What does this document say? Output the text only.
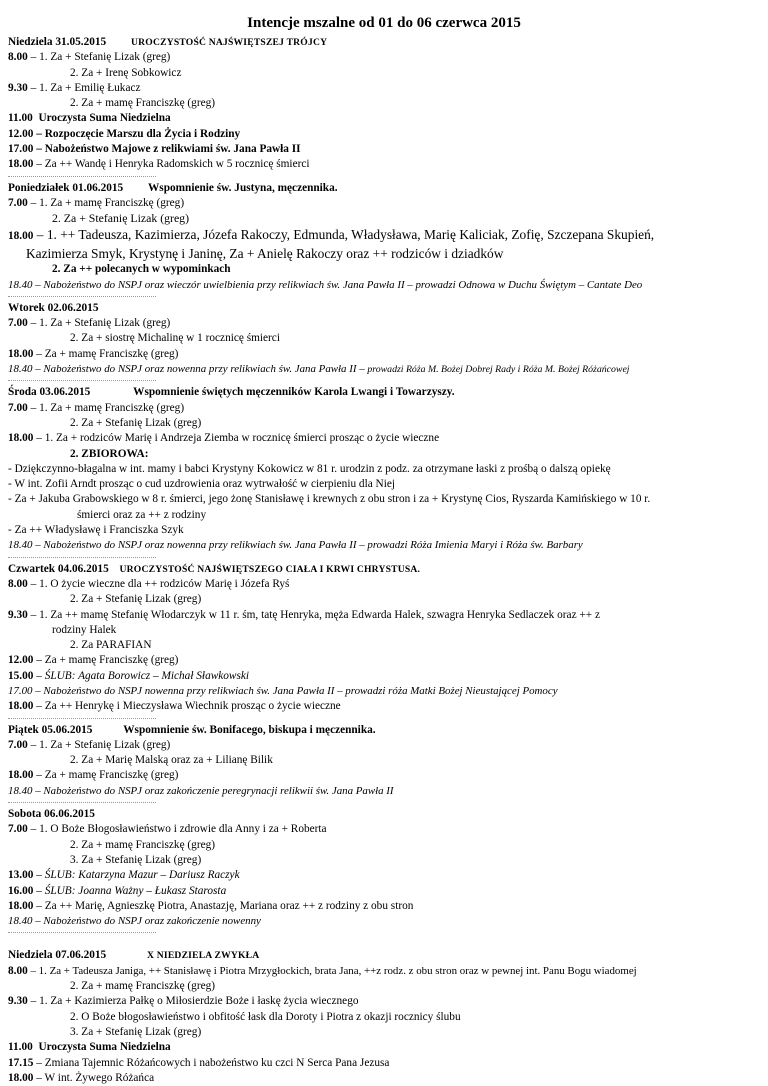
Intencje mszalne od 01 do 06 czerwca 2015
Niedziela 31.05.2015	UROCZYSTOŚĆ NAJŚWIĘTSZEJ TRÓJCY
8.00 – 1. Za + Stefanię Lizak (greg)
2. Za + Irenę Sobkowicz
9.30 – 1. Za + Emilię Łukacz
2. Za + mamę Franciszkę (greg)
11.00 Uroczysta Suma Niedzielna
12.00 – Rozpoczęcie Marszu dla Życia i Rodziny
17.00 – Nabożeństwo Majowe z relikwiami św. Jana Pawła II
18.00 – Za ++ Wandę i Henryka Radomskich w 5 rocznicę śmierci
Poniedziałek 01.06.2015 Wspomnienie św. Justyna, męczennika.
7.00 – 1. Za + mamę Franciszkę (greg)
2. Za + Stefanię Lizak (greg)
18.00 – 1. ++ Tadeusza, Kazimierza, Józefa Rakoczy, Edmunda, Władysława, Marię Kaliciak, Zofię, Szczepana Skupień,
Kazimierza Smyk, Krystynę i Janinę, Za + Anielę Rakoczy oraz ++ rodziców i dziadków
2. Za ++ polecanych w wypominkach
18.40 – Nabożeństwo do NSPJ oraz wieczór uwielbienia przy relikwiach św. Jana Pawła II – prowadzi Odnowa w Duchu Świętym – Cantate Deo
Wtorek 02.06.2015
7.00 – 1. Za + Stefanię Lizak (greg)
2. Za + siostrę Michalinę w 1 rocznicę śmierci
18.00 – Za + mamę Franciszkę (greg)
18.40 – Nabożeństwo do NSPJ oraz nowenna przy relikwiach św. Jana Pawła II – prowadzi Róża M. Bożej Dobrej Rady i Róża M. Bożej Różańcowej
Środa 03.06.2015	Wspomnienie świętych męczenników Karola Lwangi i Towarzyszy.
7.00 – 1. Za + mamę Franciszkę (greg)
2. Za + Stefanię Lizak (greg)
18.00 – 1. Za + rodziców Marię i Andrzeja Ziemba w rocznicę śmierci prosząc o życie wieczne
2. ZBIOROWA:
- Dziękczynno-błagalna w int. mamy i babci Krystyny Kokowicz w 81 r. urodzin z podz. za otrzymane łaski z prośbą o dalszą opiekę
- W int. Zofii Arndt prosząc o cud uzdrowienia oraz wytrwałość w cierpieniu dla Niej
- Za + Jakuba Grabowskiego w 8 r. śmierci, jego żonę Stanisławę i krewnych z obu stron i za + Krystynę Cios, Ryszarda Kamińskiego w 10 r.
śmierci oraz za ++ z rodziny
- Za ++ Władysławę i Franciszka Szyk
18.40 – Nabożeństwo do NSPJ oraz nowenna przy relikwiach św. Jana Pawła II – prowadzi Róża Imienia Maryi i Róża św. Barbary
Czwartek 04.06.2015 UROCZYSTOŚĆ NAJŚWIĘTSZEGO CIAŁA I KRWI CHRYSTUSA.
8.00 – 1. O życie wieczne dla ++ rodziców Marię i Józefa Ryś
2. Za + Stefanię Lizak (greg)
9.30 – 1. Za ++ mamę Stefanię Włodarczyk w 11 r. śm, tatę Henryka, męża Edwarda Halek, szwagra Henryka Sedlaczek oraz ++ z
rodziny Halek
2. Za PARAFIAN
12.00 – Za + mamę Franciszkę (greg)
15.00 – ŚLUB: Agata Borowicz – Michał Sławkowski
17.00 – Nabożeństwo do NSPJ nowenna przy relikwiach św. Jana Pawła II – prowadzi róża Matki Bożej Nieustającej Pomocy
18.00 – Za ++ Henrykę i Mieczysława Wiechnik prosząc o życie wieczne
Piątek 05.06.2015	Wspomnienie św. Bonifacego, biskupa i męczennika.
7.00 – 1. Za + Stefanię Lizak (greg)
2. Za + Marię Malską oraz za + Lilianę Bilik
18.00 – Za + mamę Franciszkę (greg)
18.40 – Nabożeństwo do NSPJ oraz zakończenie peregrynacji relikwii św. Jana Pawła II
Sobota 06.06.2015
7.00 – 1. O Boże Błogosławieństwo i zdrowie dla Anny i za + Roberta
2. Za + mamę Franciszkę (greg)
3. Za + Stefanię Lizak (greg)
13.00 – ŚLUB: Katarzyna Mazur – Dariusz Raczyk
16.00 – ŚLUB: Joanna Ważny – Łukasz Starosta
18.00 – Za ++ Marię, Agnieszkę Piotra, Anastazję, Mariana oraz ++ z rodziny z obu stron
18.40 – Nabożeństwo do NSPJ oraz zakończenie nowenny
Niedziela 07.06.2015	X NIEDZIELA ZWYKŁA
8.00 – 1. Za + Tadeusza Janiga, ++ Stanisławę i Piotra Mrzygłockich, brata Jana, ++z rodz. z obu stron oraz w pewnej int. Panu Bogu wiadomej
2. Za + mamę Franciszkę (greg)
9.30 – 1. Za + Kazimierza Pałkę o Miłosierdzie Boże i łaskę życia wiecznego
2. O Boże błogosławieństwo i obfitość łask dla Doroty i Piotra z okazji rocznicy ślubu
3. Za + Stefanię Lizak (greg)
11.00 Uroczysta Suma Niedzielna
17.15 – Zmiana Tajemnic Różańcowych i nabożeństwo ku czci N Serca Pana Jezusa
18.00 – W int. Żywego Różańca
